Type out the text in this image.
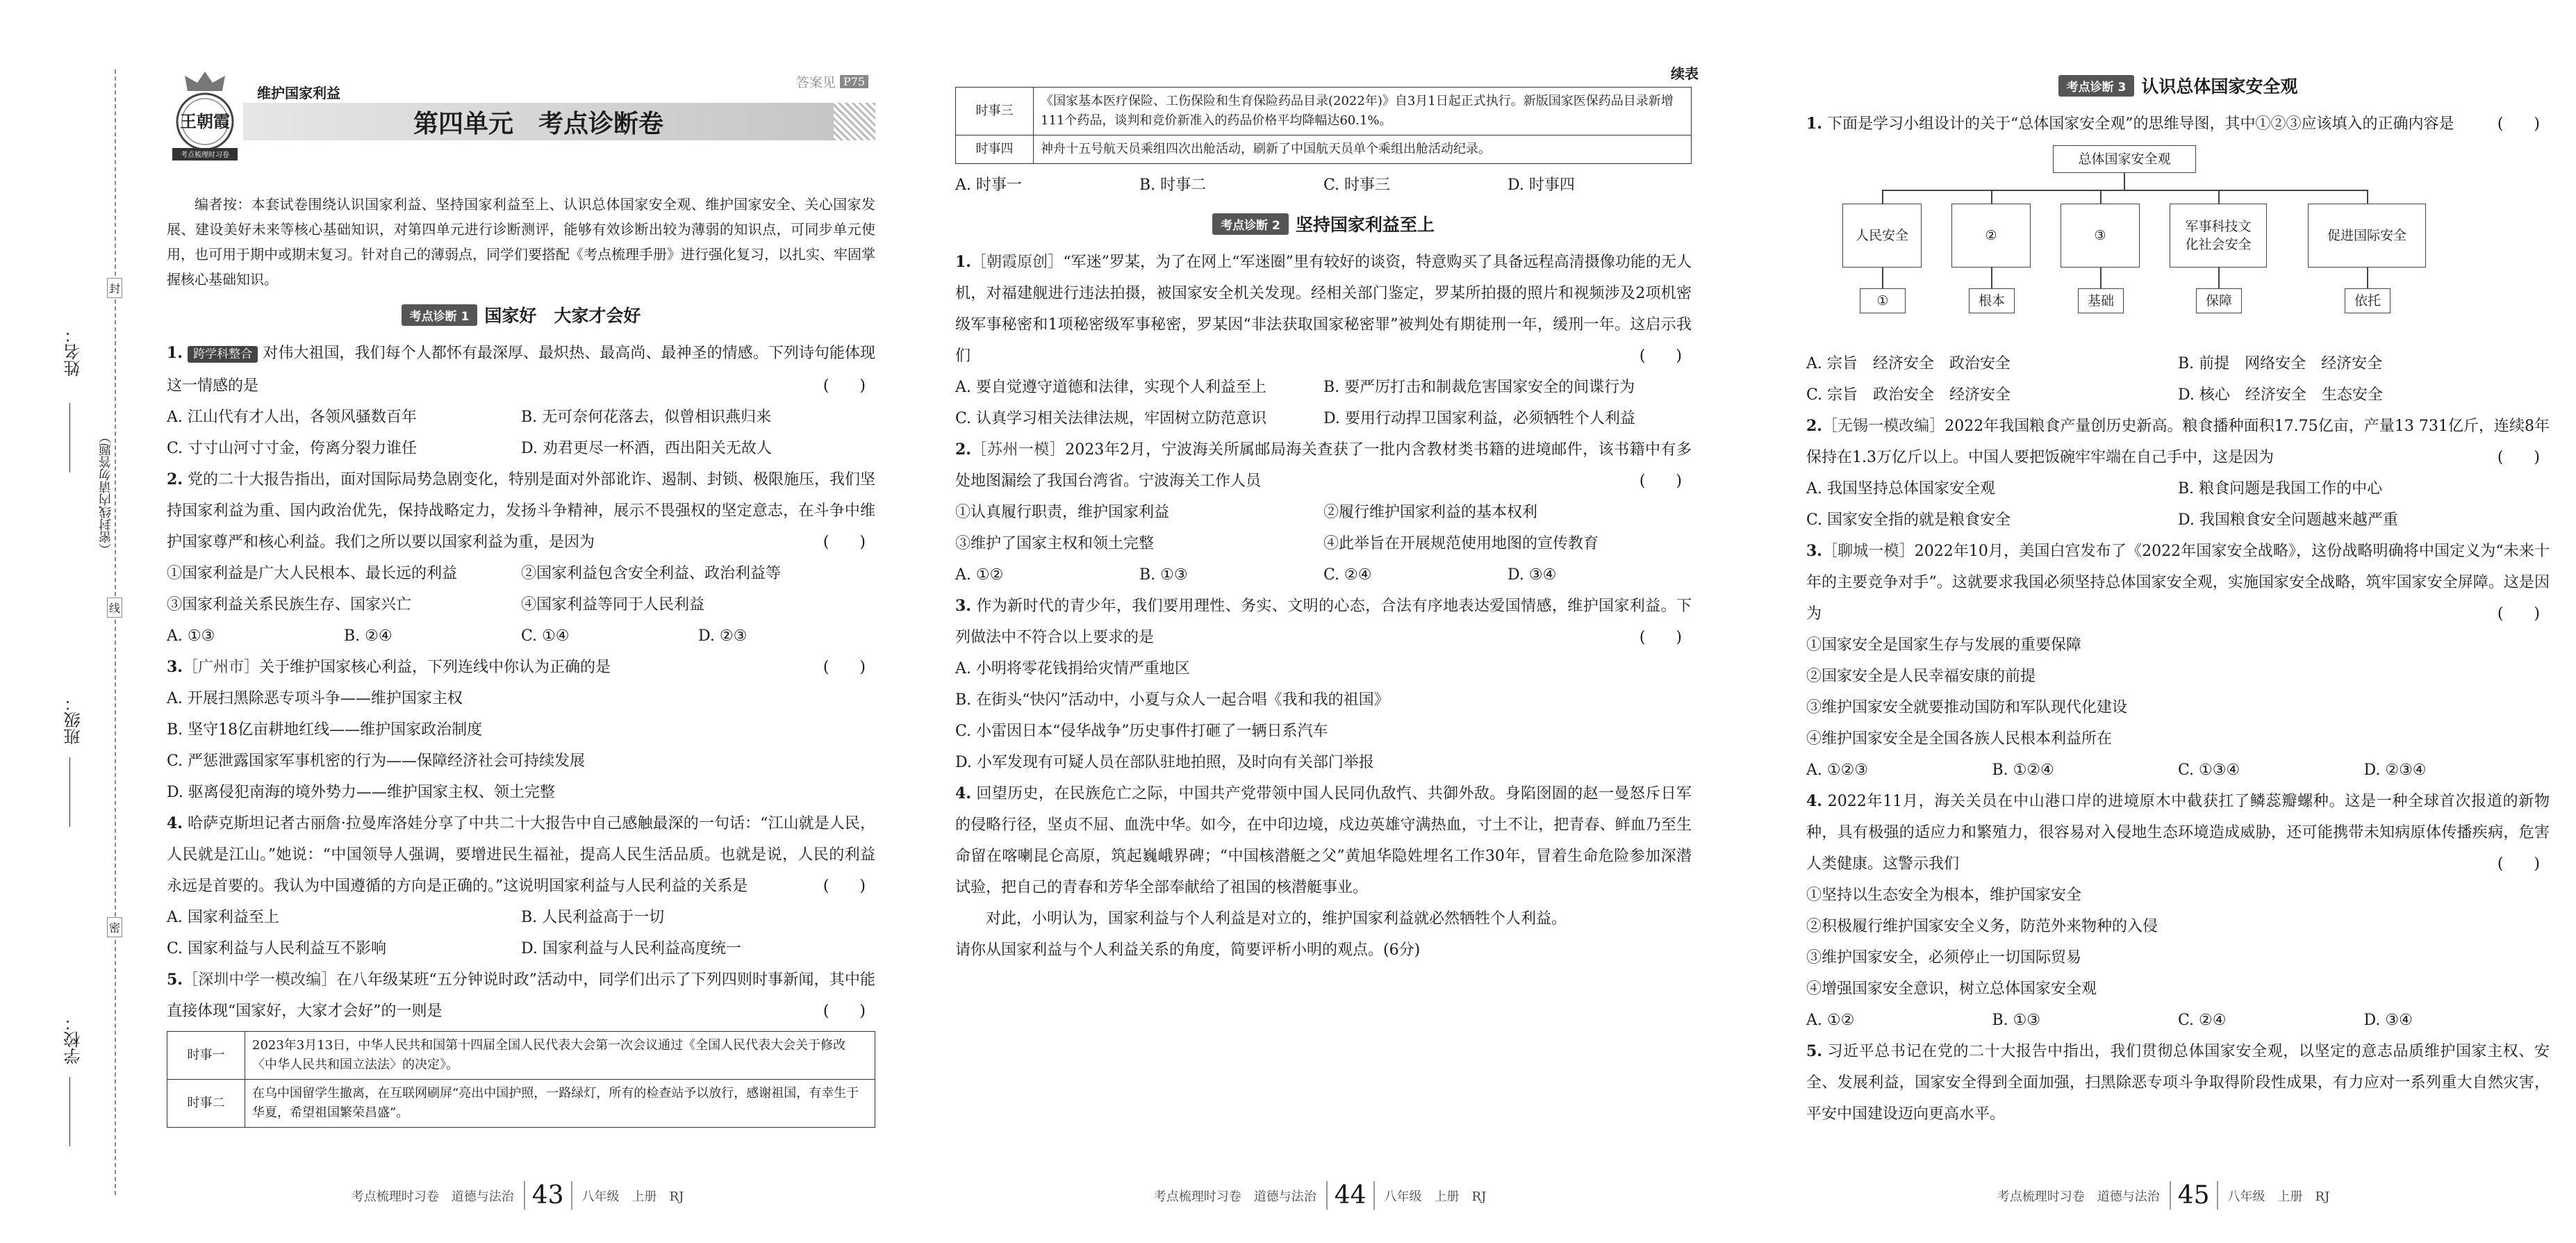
姓名：
班级：
学校：
（密封线内请勿答题）
封
线
密
王朝霞
考点梳理时习卷
维护国家利益
答案见 P75
第四单元　考点诊断卷

编者按：本套试卷围绕认识国家利益、坚持国家利益至上、认识总体国家安全观、维护国家安全、关心国家发展、建设美好未来等核心基础知识，对第四单元进行诊断测评，能够有效诊断出较为薄弱的知识点，可同步单元使用，也可用于期中或期末复习。针对自己的薄弱点，同学们要搭配《考点梳理手册》进行强化复习，以扎实、牢固掌握核心基础知识。

考点诊断 1 国家好　大家才会好

1. 跨学科整合 对伟大祖国，我们每个人都怀有最深厚、最炽热、最高尚、最神圣的情感。下列诗句能体现这一情感的是	(　　)

A. 江山代有才人出，各领风骚数百年	B. 无可奈何花落去，似曾相识燕归来
C. 寸寸山河寸寸金，侉离分裂力谁任	D. 劝君更尽一杯酒，西出阳关无故人

2. 党的二十大报告指出，面对国际局势急剧变化，特别是面对外部讹诈、遏制、封锁、极限施压，我们坚持国家利益为重、国内政治优先，保持战略定力，发扬斗争精神，展示不畏强权的坚定意志，在斗争中维护国家尊严和核心利益。我们之所以要以国家利益为重，是因为	(　　)

①国家利益是广大人民根本、最长远的利益	②国家利益包含安全利益、政治利益等
③国家利益关系民族生存、国家兴亡	④国家利益等同于人民利益
A. ①③	B. ②④	C. ①④	D. ②③

3.［广州市］关于维护国家核心利益，下列连线中你认为正确的是	(　　)

A. 开展扫黑除恶专项斗争——维护国家主权
B. 坚守18亿亩耕地红线——维护国家政治制度
C. 严惩泄露国家军事机密的行为——保障经济社会可持续发展
D. 驱离侵犯南海的境外势力——维护国家主权、领土完整

4. 哈萨克斯坦记者古丽詹·拉曼库洛娃分享了中共二十大报告中自己感触最深的一句话：“江山就是人民，人民就是江山。”她说：“中国领导人强调，要增进民生福祉，提高人民生活品质。也就是说，人民的利益永远是首要的。我认为中国遵循的方向是正确的。”这说明国家利益与人民利益的关系是	(　　)

A. 国家利益至上	B. 人民利益高于一切
C. 国家利益与人民利益互不影响	D. 国家利益与人民利益高度统一

5.［深圳中学一模改编］在八年级某班“五分钟说时政”活动中，同学们出示了下列四则时事新闻，其中能直接体现“国家好，大家才会好”的一则是	(　　)

时事一	2023年3月13日，中华人民共和国第十四届全国人民代表大会第一次会议通过《全国人民代表大会关于修改〈中华人民共和国立法法〉的决定》。
时事二	在乌中国留学生撤离，在互联网刷屏“亮出中国护照，一路绿灯，所有的检查站予以放行，感谢祖国，有幸生于华夏，希望祖国繁荣昌盛”。
考点梳理时习卷　道德与法治 43	八年级　上册　RJ
续表
时事三	《国家基本医疗保险、工伤保险和生育保险药品目录(2022年)》自3月1日起正式执行。新版国家医保药品目录新增111个药品，谈判和竞价新准入的药品价格平均降幅达60.1%。
时事四	神舟十五号航天员乘组四次出舱活动，刷新了中国航天员单个乘组出舱活动纪录。
A. 时事一	B. 时事二	C. 时事三	D. 时事四
考点诊断 2 坚持国家利益至上

1.［朝霞原创］“军迷”罗某，为了在网上“军迷圈”里有较好的谈资，特意购买了具备远程高清摄像功能的无人机，对福建舰进行违法拍摄，被国家安全机关发现。经相关部门鉴定，罗某所拍摄的照片和视频涉及2项机密级军事秘密和1项秘密级军事秘密，罗某因“非法获取国家秘密罪”被判处有期徒刑一年，缓刑一年。这启示我们	(　　)

A. 要自觉遵守道德和法律，实现个人利益至上	B. 要严厉打击和制裁危害国家安全的间谍行为
C. 认真学习相关法律法规，牢固树立防范意识	D. 要用行动捍卫国家利益，必须牺牲个人利益

2.［苏州一模］2023年2月，宁波海关所属邮局海关查获了一批内含教材类书籍的进境邮件，该书籍中有多处地图漏绘了我国台湾省。宁波海关工作人员	(　　)

①认真履行职责，维护国家利益	②履行维护国家利益的基本权利
③维护了国家主权和领土完整	④此举旨在开展规范使用地图的宣传教育
A. ①②	B. ①③	C. ②④	D. ③④

3. 作为新时代的青少年，我们要用理性、务实、文明的心态，合法有序地表达爱国情感，维护国家利益。下列做法中不符合以上要求的是	(　　)

A. 小明将零花钱捐给灾情严重地区
B. 在街头“快闪”活动中，小夏与众人一起合唱《我和我的祖国》
C. 小雷因日本“侵华战争”历史事件打砸了一辆日系汽车
D. 小军发现有可疑人员在部队驻地拍照，及时向有关部门举报

4. 回望历史，在民族危亡之际，中国共产党带领中国人民同仇敌忾、共御外敌。身陷囹圄的赵一曼怒斥日军的侵略行径，坚贞不屈、血洗中华。如今，在中印边境，戍边英雄守满热血，寸土不让，把青春、鲜血乃至生命留在喀喇昆仑高原，筑起巍峨界碑；“中国核潜艇之父”黄旭华隐姓埋名工作30年，冒着生命危险参加深潜试验，把自己的青春和芳华全部奉献给了祖国的核潜艇事业。

对此，小明认为，国家利益与个人利益是对立的，维护国家利益就必然牺牲个人利益。

请你从国家利益与个人利益关系的角度，简要评析小明的观点。(6分)

考点梳理时习卷　道德与法治 44	八年级　上册　RJ
考点诊断 3 认识总体国家安全观

1. 下面是学习小组设计的关于“总体国家安全观”的思维导图，其中①②③应该填入的正确内容是	(　　)

总体国家安全观
人民安全	②	③
军事科技文化社会安全
促进国际安全
①	根本	基础	保障	依托
A. 宗旨　经济安全　政治安全	B. 前提　网络安全　经济安全
C. 宗旨　政治安全　经济安全	D. 核心　经济安全　生态安全

2.［无锡一模改编］2022年我国粮食产量创历史新高。粮食播种面积17.75亿亩，产量13 731亿斤，连续8年保持在1.3万亿斤以上。中国人要把饭碗牢牢端在自己手中，这是因为	(　　)

A. 我国坚持总体国家安全观	B. 粮食问题是我国工作的中心
C. 国家安全指的就是粮食安全	D. 我国粮食安全问题越来越严重

3.［聊城一模］2022年10月，美国白宫发布了《2022年国家安全战略》，这份战略明确将中国定义为“未来十年的主要竞争对手”。这就要求我国必须坚持总体国家安全观，实施国家安全战略，筑牢国家安全屏障。这是因为	(　　)

①国家安全是国家生存与发展的重要保障
②国家安全是人民幸福安康的前提
③维护国家安全就要推动国防和军队现代化建设
④维护国家安全是全国各族人民根本利益所在
A. ①②③	B. ①②④	C. ①③④	D. ②③④

4. 2022年11月，海关关员在中山港口岸的进境原木中截获扛了鳞蕊瓣螺种。这是一种全球首次报道的新物种，具有极强的适应力和繁殖力，很容易对入侵地生态环境造成威胁，还可能携带未知病原体传播疾病，危害人类健康。这警示我们	(　　)

①坚持以生态安全为根本，维护国家安全
②积极履行维护国家安全义务，防范外来物种的入侵
③维护国家安全，必须停止一切国际贸易
④增强国家安全意识，树立总体国家安全观
A. ①②	B. ①③	C. ②④	D. ③④

5. 习近平总书记在党的二十大报告中指出，我们贯彻总体国家安全观，以坚定的意志品质维护国家主权、安全、发展利益，国家安全得到全面加强，扫黑除恶专项斗争取得阶段性成果，有力应对一系列重大自然灾害，平安中国建设迈向更高水平。

考点梳理时习卷　道德与法治 45	八年级　上册　RJ
